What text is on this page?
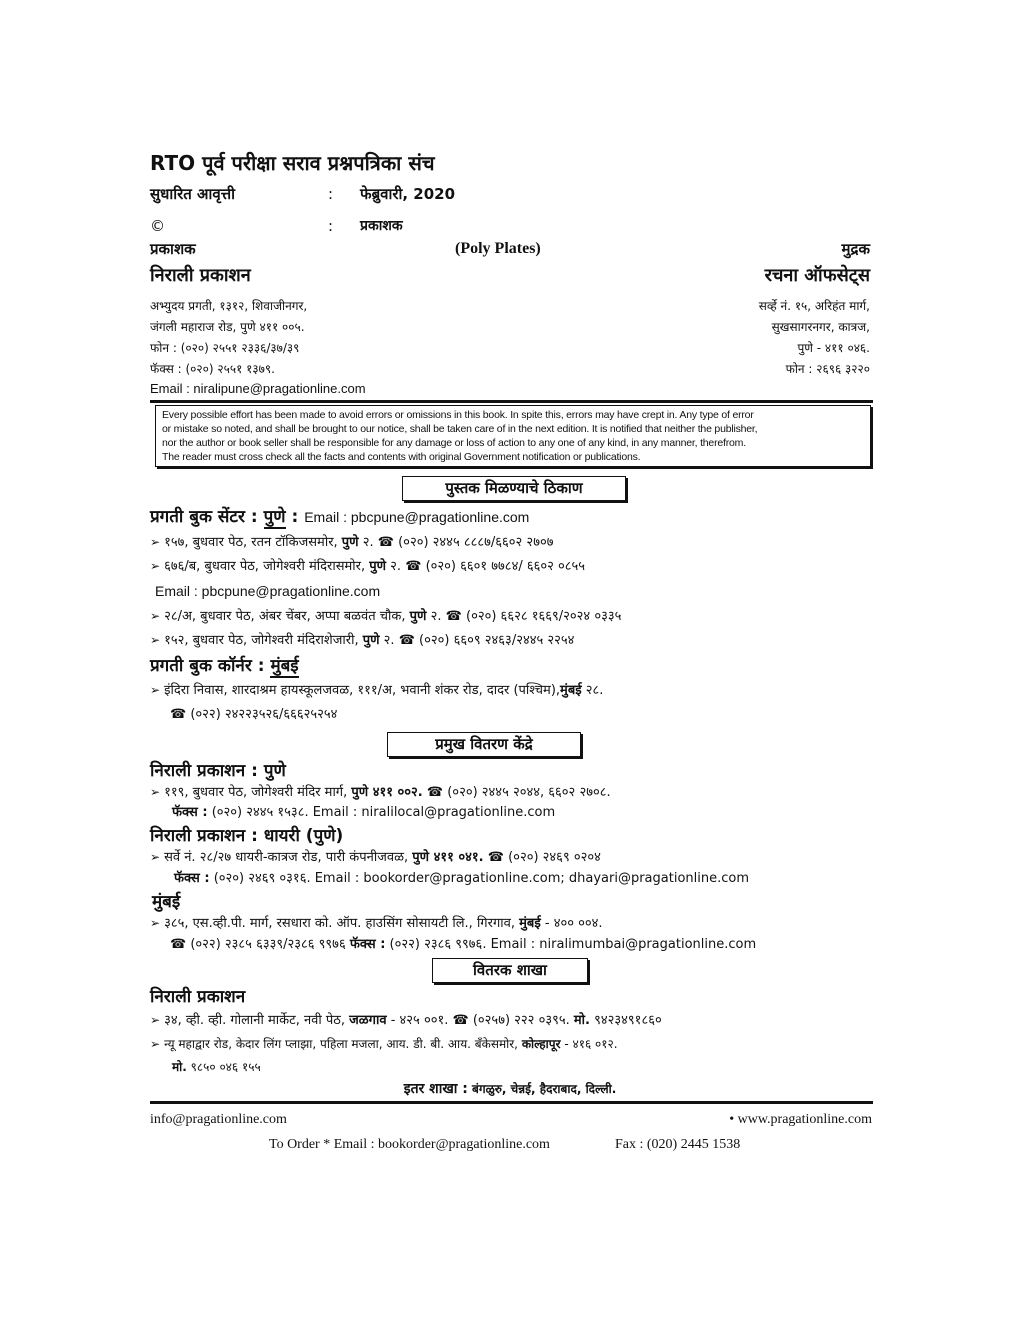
RTO पूर्व परीक्षा सराव प्रश्नपत्रिका संच
सुधारित आवृत्ती	: फेब्रुवारी, 2020
©	: प्रकाशक
प्रकाशक	(Poly Plates)	मुद्रक
निराली प्रकाशन	रचना ऑफसेट्स
अभ्युदय प्रगती, १३१२, शिवाजीनगर,
जंगली महाराज रोड, पुणे ४११ ००५.
फोन : (०२०) २५५१ २३३६/३७/३९
फॅक्स : (०२०) २५५१ १३७९.
Email : niralipune@pragationline.com
सर्व्हे नं. १५, अरिहंत मार्ग,
सुखसागरनगर, कात्रज,
पुणे - ४११ ०४६.
फोन : २६९६ ३२२०
Every possible effort has been made to avoid errors or omissions in this book. In spite this, errors may have crept in. Any type of error
or mistake so noted, and shall be brought to our notice, shall be taken care of in the next edition. It is notified that neither the publisher,
nor the author or book seller shall be responsible for any damage or loss of action to any one of any kind, in any manner, therefrom.
The reader must cross check all the facts and contents with original Government notification or publications.
पुस्तक मिळण्याचे ठिकाण
प्रगती बुक सेंटर : पुणे : Email : pbcpune@pragationline.com
➢ १५७, बुधवार पेठ, रतन टॉकिजसमोर, पुणे २. ☎ (०२०) २४४५ ८८८७/६६०२ २७०७
➢ ६७६/ब, बुधवार पेठ, जोगेश्वरी मंदिरासमोर, पुणे २. ☎ (०२०) ६६०१ ७७८४/ ६६०२ ०८५५
Email : pbcpune@pragationline.com
➢ २८/अ, बुधवार पेठ, अंबर चेंबर, अप्पा बळवंत चौक, पुणे २. ☎ (०२०) ६६२८ १६६९/२०२४ ०३३५
➢ १५२, बुधवार पेठ, जोगेश्वरी मंदिराशेजारी, पुणे २. ☎ (०२०) ६६०९ २४६३/२४४५ २२५४
प्रगती बुक कॉर्नर : मुंबई
➢ इंदिरा निवास, शारदाश्रम हायस्कूलजवळ, १११/अ, भवानी शंकर रोड, दादर (पश्चिम),मुंबई २८.
☎ (०२२) २४२२३५२६/६६६२५२५४
प्रमुख वितरण केंद्रे
निराली प्रकाशन : पुणे
➢ ११९, बुधवार पेठ, जोगेश्वरी मंदिर मार्ग, पुणे ४११ ००२. ☎ (०२०) २४४५ २०४४, ६६०२ २७०८.
फॅक्स : (०२०) २४४५ १५३८. Email : niralilocal@pragationline.com
निराली प्रकाशन : धायरी (पुणे)
➢ सर्वे नं. २८/२७ धायरी-कात्रज रोड, पारी कंपनीजवळ, पुणे ४११ ०४१. ☎ (०२०) २४६९ ०२०४
फॅक्स : (०२०) २४६९ ०३१६. Email : bookorder@pragationline.com; dhayari@pragationline.com
मुंबई
➢ ३८५, एस.व्ही.पी. मार्ग, रसधारा को. ऑप. हाउसिंग सोसायटी लि., गिरगाव, मुंबई - ४०० ००४.
☎ (०२२) २३८५ ६३३९/२३८६ ९९७६ फॅक्स : (०२२) २३८६ ९९७६. Email : niralimumbai@pragationline.com
वितरक शाखा
निराली प्रकाशन
➢ ३४, व्ही. व्ही. गोलानी मार्केट, नवी पेठ, जळगाव - ४२५ ००१. ☎ (०२५७) २२२ ०३९५. मो. ९४२३४९१८६०
➢ न्यू महाद्वार रोड, केदार लिंग प्लाझा, पहिला मजला, आय. डी. बी. आय. बँकेसमोर, कोल्हापूर - ४१६ ०१२.
मो. ९८५० ०४६ १५५
इतर शाखा : बंगळुरु, चेन्नई, हैदराबाद, दिल्ली.
info@pragationline.com	• www.pragationline.com
To Order * Email : bookorder@pragationline.com	Fax : (020) 2445 1538
